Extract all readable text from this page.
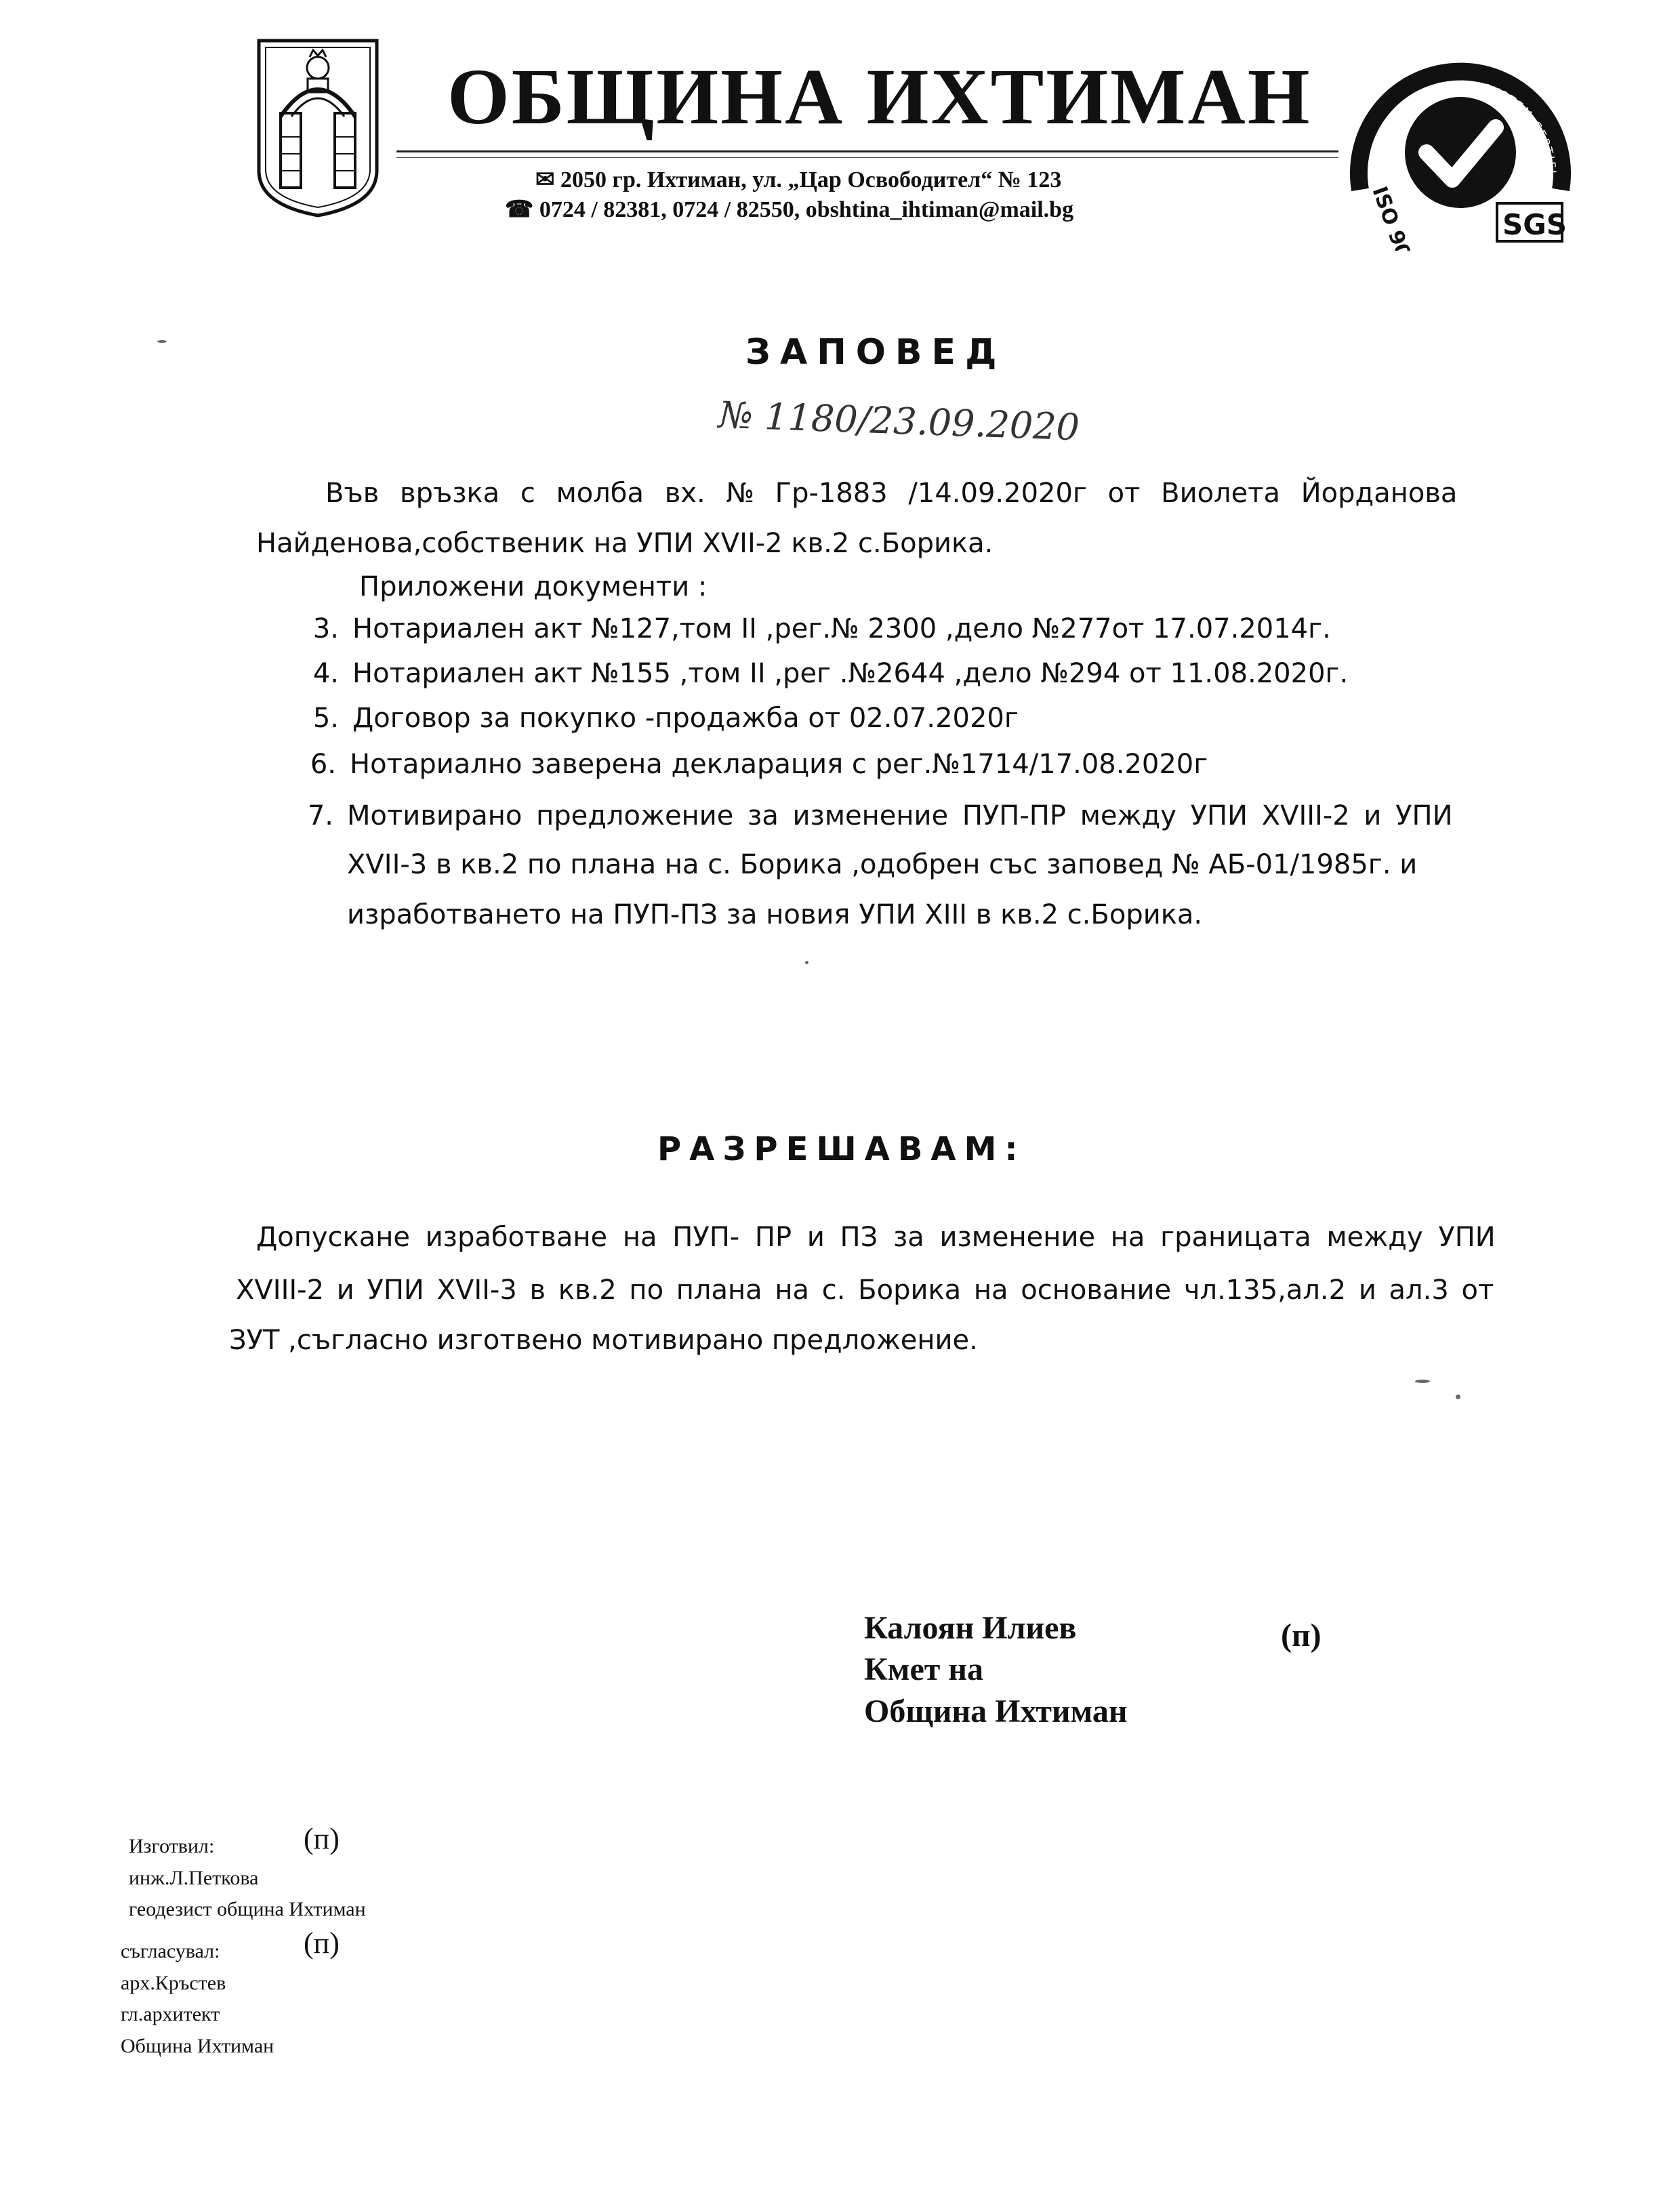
ОБЩИНА ИХТИМАН
✉ 2050 гр. Ихтиман, ул. „Цар Освободител“ № 123
☎ 0724 / 82381, 0724 / 82550, obshtina_ihtiman@mail.bg
SYSTEM CERTIFI
ISO 9001	SGS
ЗАПОВЕД
№ 1180/23.09.2020
Във връзка с молба вх. № Гр-1883 /14.09.2020г от Виолета Йорданова
Найденова,собственик на УПИ XVII-2 кв.2 с.Борика.
Приложени документи :
3. Нотариален акт №127,том II ,рег.№ 2300 ,дело №277от 17.07.2014г.
4. Нотариален акт №155 ,том II ,рег .№2644 ,дело №294 от 11.08.2020г.
5. Договор за покупко -продажба от 02.07.2020г
6. Нотариално заверена декларация с рег.№1714/17.08.2020г
7. Мотивирано предложение за изменение ПУП-ПР между УПИ XVIII-2 и УПИ
XVII-3 в кв.2 по плана на с. Борика ,одобрен със заповед № АБ-01/1985г. и
изработването на ПУП-ПЗ за новия УПИ XIII в кв.2 с.Борика.
РАЗРЕШАВАМ:
Допускане изработване на ПУП- ПР и ПЗ за изменение на границата между УПИ
XVIII-2 и УПИ XVII-3 в кв.2 по плана на с. Борика на основание чл.135,ал.2 и ал.3 от
ЗУТ ,съгласно изготвено мотивирано предложение.
Калоян Илиев
Кмет на
Община Ихтиман
(п)
Изготвил:
инж.Л.Петкова
геодезист община Ихтиман
(п)
съгласувал:
арх.Кръстев
гл.архитект
Община Ихтиман
(п)
